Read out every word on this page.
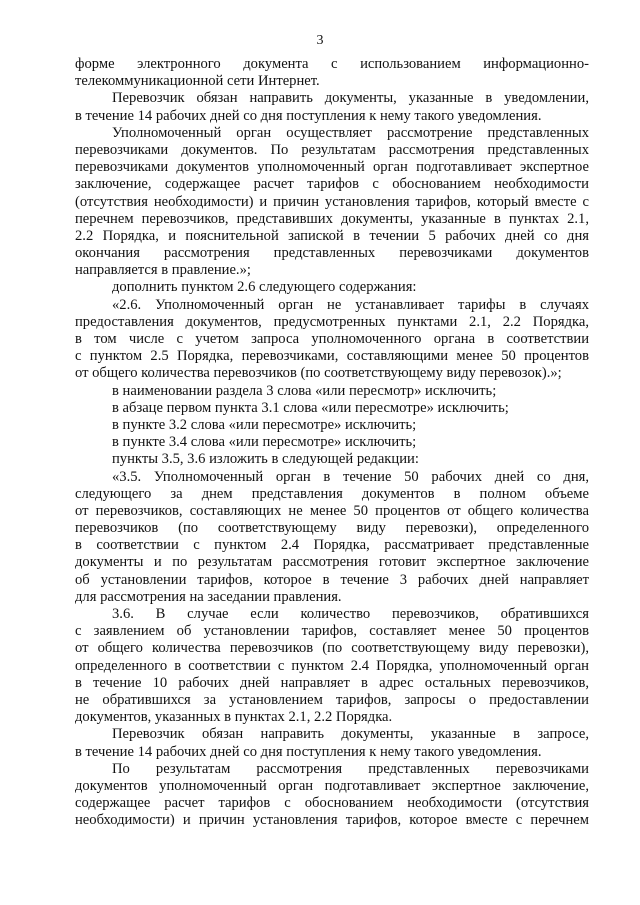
3
форме электронного документа с использованием информационно-
телекоммуникационной сети Интернет.
Перевозчик обязан направить документы, указанные в уведомлении,
в течение 14 рабочих дней со дня поступления к нему такого уведомления.
Уполномоченный орган осуществляет рассмотрение представленных
перевозчиками документов. По результатам рассмотрения представленных
перевозчиками документов уполномоченный орган подготавливает экспертное
заключение, содержащее расчет тарифов с обоснованием необходимости
(отсутствия необходимости) и причин установления тарифов, который вместе с
перечнем перевозчиков, представивших документы, указанные в пунктах 2.1,
2.2 Порядка, и пояснительной запиской в течении 5 рабочих дней со дня
окончания рассмотрения представленных перевозчиками документов
направляется в правление.»;
дополнить пунктом 2.6 следующего содержания:
«2.6. Уполномоченный орган не устанавливает тарифы в случаях
предоставления документов, предусмотренных пунктами 2.1, 2.2 Порядка,
в том числе с учетом запроса уполномоченного органа в соответствии
с пунктом 2.5 Порядка, перевозчиками, составляющими менее 50 процентов
от общего количества перевозчиков (по соответствующему виду перевозок).»;
в наименовании раздела 3 слова «или пересмотр» исключить;
в абзаце первом пункта 3.1 слова «или пересмотре» исключить;
в пункте 3.2 слова «или пересмотре» исключить;
в пункте 3.4 слова «или пересмотре» исключить;
пункты 3.5, 3.6 изложить в следующей редакции:
«3.5. Уполномоченный орган в течение 50 рабочих дней со дня,
следующего за днем представления документов в полном объеме
от перевозчиков, составляющих не менее 50 процентов от общего количества
перевозчиков (по соответствующему виду перевозки), определенного
в соответствии с пунктом 2.4 Порядка, рассматривает представленные
документы и по результатам рассмотрения готовит экспертное заключение
об установлении тарифов, которое в течение 3 рабочих дней направляет
для рассмотрения на заседании правления.
3.6. В случае если количество перевозчиков, обратившихся
с заявлением об установлении тарифов, составляет менее 50 процентов
от общего количества перевозчиков (по соответствующему виду перевозки),
определенного в соответствии с пунктом 2.4 Порядка, уполномоченный орган
в течение 10 рабочих дней направляет в адрес остальных перевозчиков,
не обратившихся за установлением тарифов, запросы о предоставлении
документов, указанных в пунктах 2.1, 2.2 Порядка.
Перевозчик обязан направить документы, указанные в запросе,
в течение 14 рабочих дней со дня поступления к нему такого уведомления.
По результатам рассмотрения представленных перевозчиками
документов уполномоченный орган подготавливает экспертное заключение,
содержащее расчет тарифов с обоснованием необходимости (отсутствия
необходимости) и причин установления тарифов, которое вместе с перечнем
